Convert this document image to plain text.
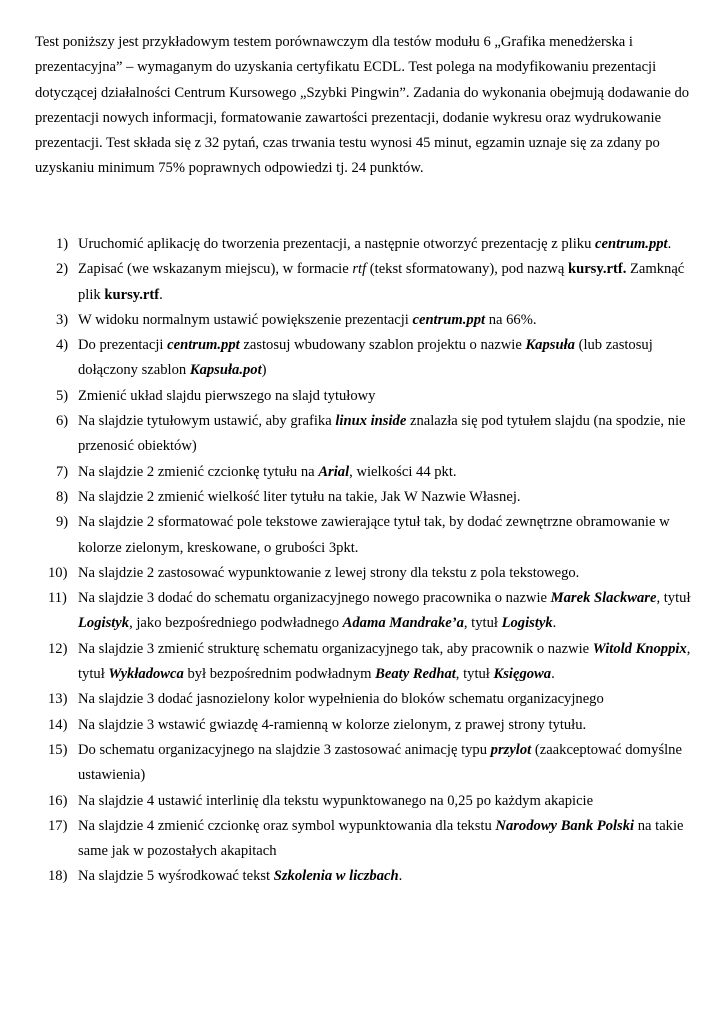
Test poniższy jest przykładowym testem porównawczym dla testów modułu 6 „Grafika menedżerska i prezentacyjna” – wymaganym do uzyskania certyfikatu ECDL. Test polega na modyfikowaniu prezentacji dotyczącej działalności Centrum Kursowego „Szybki Pingwin”. Zadania do wykonania obejmują dodawanie do prezentacji nowych informacji, formatowanie zawartości prezentacji, dodanie wykresu oraz wydrukowanie prezentacji. Test składa się z 32 pytań, czas trwania testu wynosi 45 minut, egzamin uznaje się za zdany po uzyskaniu minimum 75% poprawnych odpowiedzi tj. 24 punktów.

1) Uruchomić aplikację do tworzenia prezentacji, a następnie otworzyć prezentację z pliku centrum.ppt.
2) Zapisać (we wskazanym miejscu), w formacie rtf (tekst sformatowany), pod nazwą kursy.rtf. Zamknąć plik kursy.rtf.
3) W widoku normalnym ustawić powiększenie prezentacji centrum.ppt na 66%.
4) Do prezentacji centrum.ppt zastosuj wbudowany szablon projektu o nazwie Kapsuła (lub zastosuj dołączony szablon Kapsuła.pot)
5) Zmienić układ slajdu pierwszego na slajd tytułowy
6) Na slajdzie tytułowym ustawić, aby grafika linux inside znalazła się pod tytułem slajdu (na spodzie, nie przenosić obiektów)
7) Na slajdzie 2 zmienić czcionkę tytułu na Arial, wielkości 44 pkt.
8) Na slajdzie 2 zmienić wielkość liter tytułu na takie, Jak W Nazwie Własnej.
9) Na slajdzie 2 sformatować pole tekstowe zawierające tytuł tak, by dodać zewnętrzne obramowanie w kolorze zielonym, kreskowane, o grubości 3pkt.
10) Na slajdzie 2 zastosować wypunktowanie z lewej strony dla tekstu z pola tekstowego.
11) Na slajdzie 3 dodać do schematu organizacyjnego nowego pracownika o nazwie Marek Slackware, tytuł Logistyk, jako bezpośredniego podwładnego Adama Mandrake’a, tytuł Logistyk.
12) Na slajdzie 3 zmienić strukturę schematu organizacyjnego tak, aby pracownik o nazwie Witold Knoppix, tytuł Wykładowca był bezpośrednim podwładnym Beaty Redhat, tytuł Księgowa.
13) Na slajdzie 3 dodać jasnozielony kolor wypełnienia do bloków schematu organizacyjnego
14) Na slajdzie 3 wstawić gwiazdę 4-ramienną w kolorze zielonym, z prawej strony tytułu.
15) Do schematu organizacyjnego na slajdzie 3 zastosować animację typu przylot (zaakceptować domyślne ustawienia)
16) Na slajdzie 4 ustawić interlinię dla tekstu wypunktowanego na 0,25 po każdym akapicie
17) Na slajdzie 4 zmienić czcionkę oraz symbol wypunktowania dla tekstu Narodowy Bank Polski na takie same jak w pozostałych akapitach
18) Na slajdzie 5 wyśrodkować tekst Szkolenia w liczbach.
